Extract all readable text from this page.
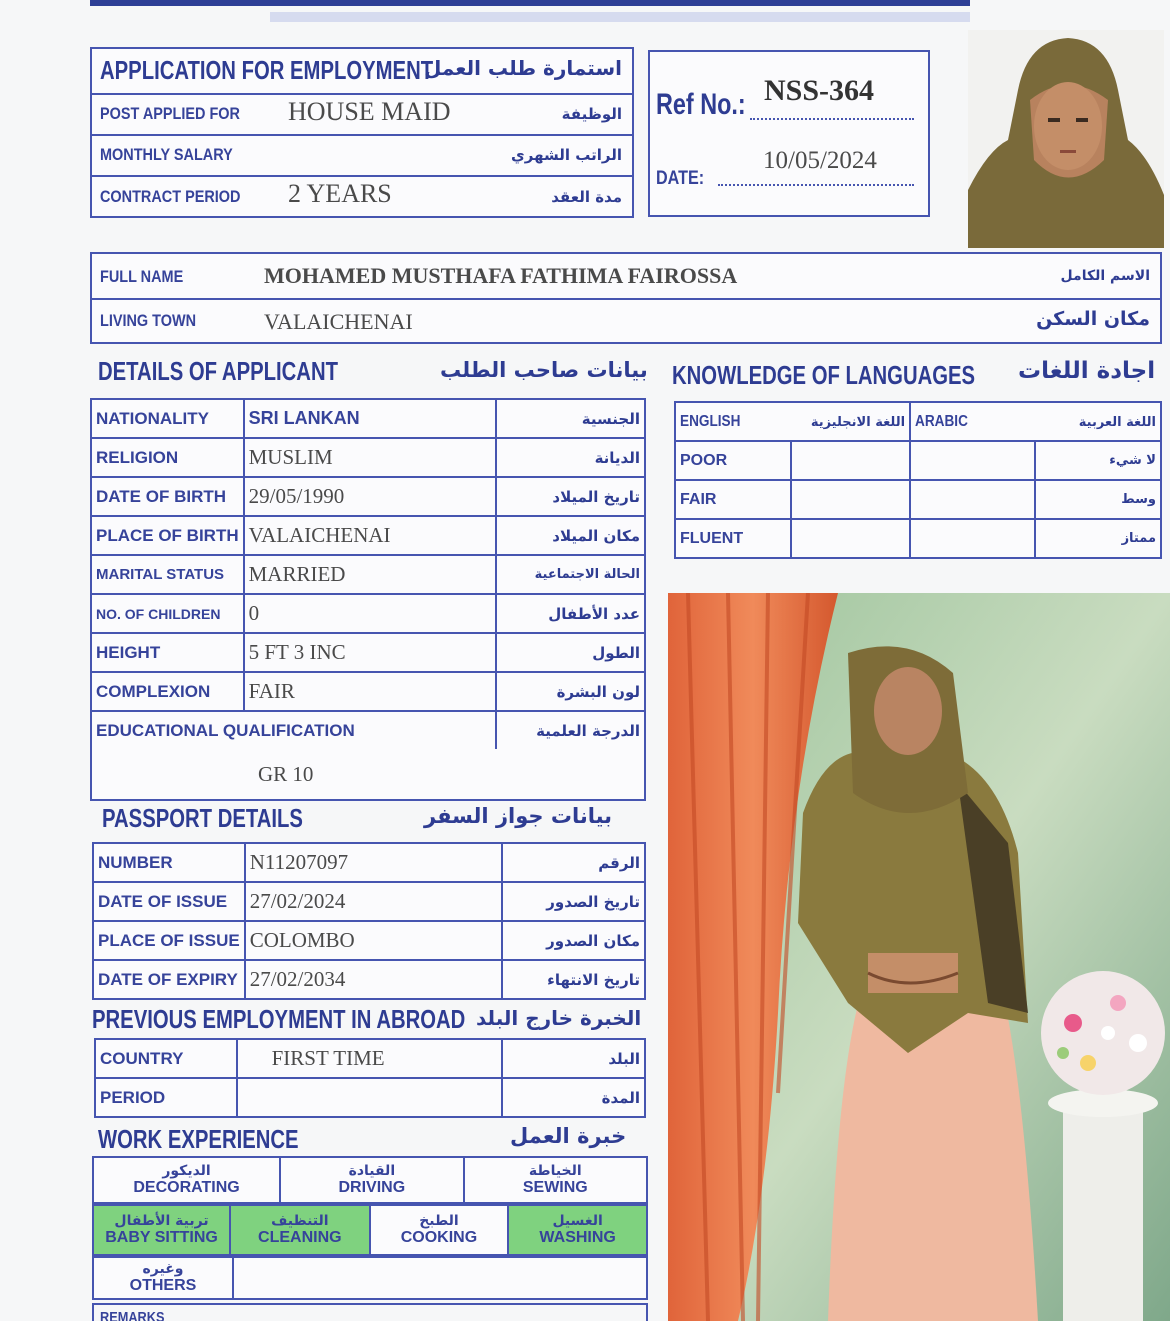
APPLICATION FOR EMPLOYMENT
استمارة طلب العمل
POST APPLIED FOR HOUSE MAID	الوظيفة
MONTHLY SALARY	الراتب الشهري
CONTRACT PERIOD 2 YEARS	مدة العقد
Ref No.: NSS-364
DATE:
10/05/2024
FULL NAME	MOHAMED MUSTHAFA FATHIMA FAIROSSA	الاسم الكامل
LIVING TOWN	VALAICHENAI	مكان السكن
DETAILS OF APPLICANT	بيانات صاحب الطلب
NATIONALITY	SRI LANKAN	الجنسية
RELIGION	MUSLIM	الديانة
DATE OF BIRTH	29/05/1990	تاريخ الميلاد
PLACE OF BIRTH	VALAICHENAI	مكان الميلاد
MARITAL STATUS	MARRIED	الحالة الاجتماعية
NO. OF CHILDREN	0	عدد الأطفال
HEIGHT	5 FT 3 INC	الطول
COMPLEXION	FAIR	لون البشرة
EDUCATIONAL QUALIFICATION		الدرجة العلمية
GR 10		
KNOWLEDGE OF LANGUAGES اجادة اللغات
ENGLISH اللغة الانجليزية		ARABIC اللغة العربية	

POOR			لا شيء
FAIR			وسط
FLUENT			ممتاز
PASSPORT DETAILS	بيانات جواز السفر
NUMBER	N11207097	الرقم
DATE OF ISSUE	27/02/2024	تاريخ الصدور
PLACE OF ISSUE	COLOMBO	مكان الصدور
DATE OF EXPIRY	27/02/2034	تاريخ الانتهاء
PREVIOUS EMPLOYMENT IN ABROAD الخبرة خارج البلد
COUNTRY	FIRST TIME	البلد
PERIOD		المدة
WORK EXPERIENCE	خبرة العمل
الديكور
DECORATING	
القيادة
DRIVING	
الخياطة
SEWING
تربية الأطفال
BABY SITTING	
التنظيف
CLEANING	
الطبخ
COOKING	
الغسيل
WASHING
وغيره
OTHERS	
REMARKS
